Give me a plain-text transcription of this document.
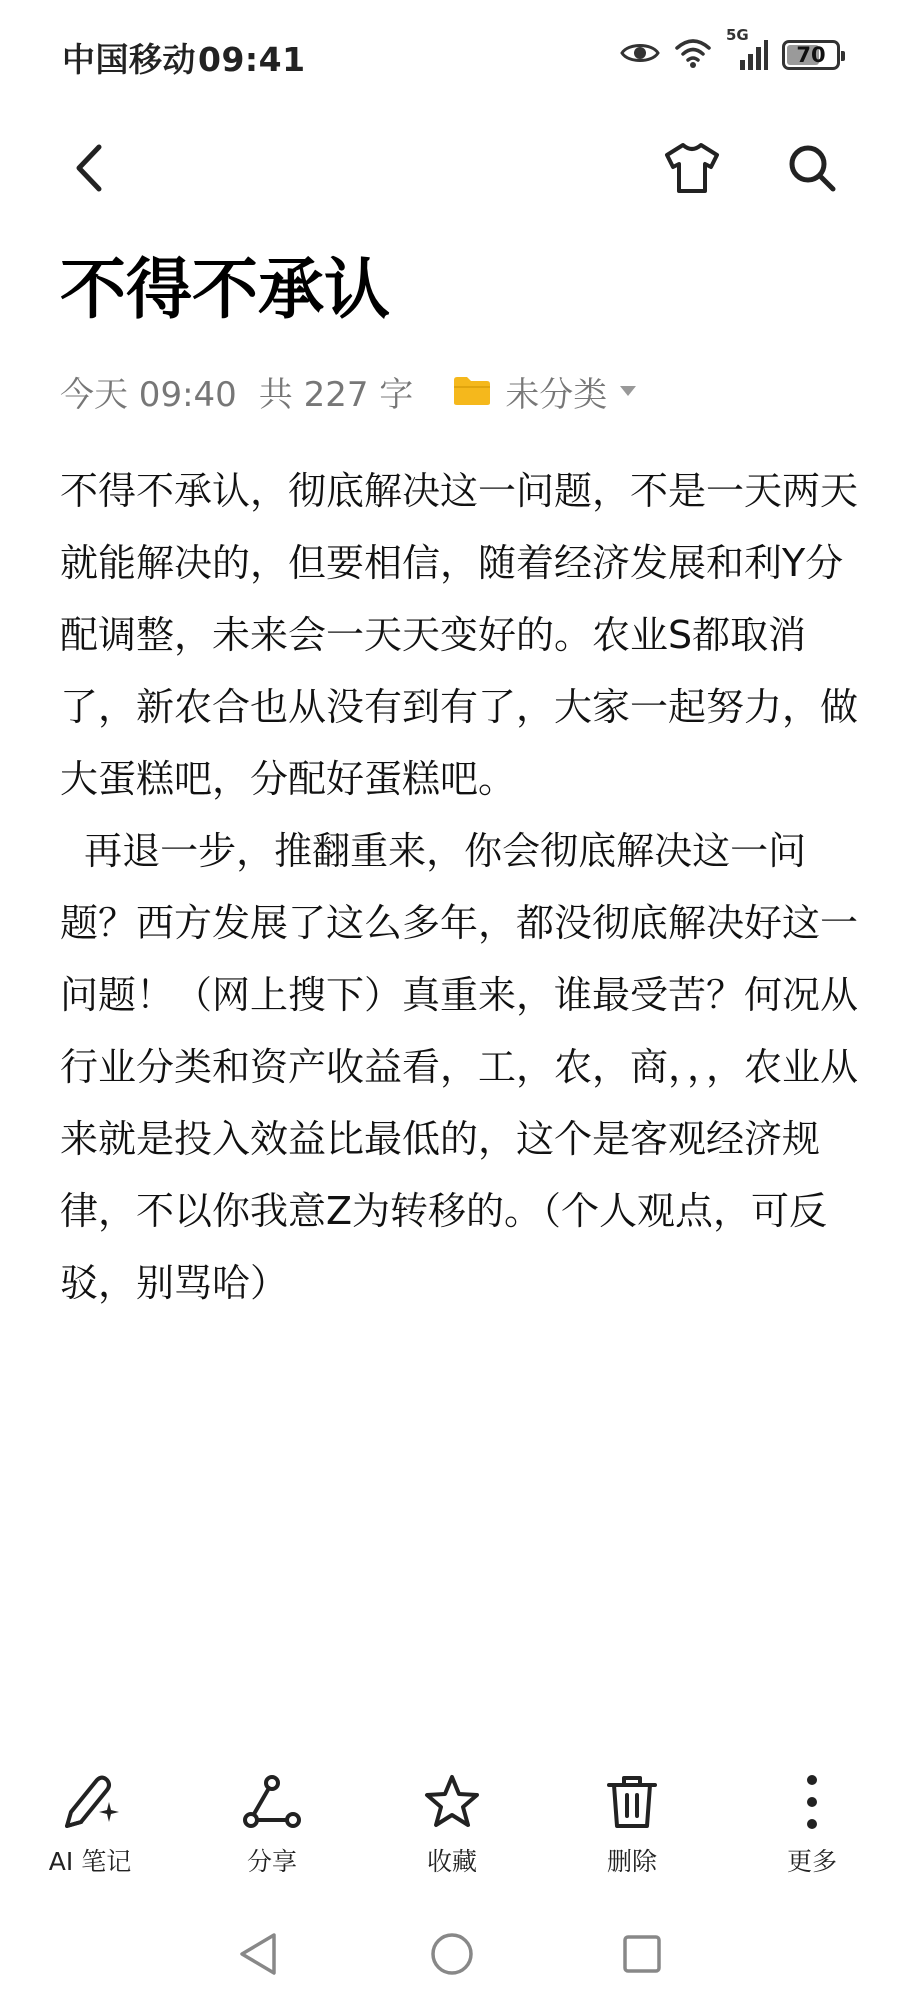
中国移动09:41
5G
70
不得不承认
今天 09:40 共 227 字	未分类
不得不承认，彻底解决这一问题，不是一天两天就能解决的，但要相信，随着经济发展和利Y分配调整，未来会一天天变好的。农业S都取消了，新农合也从没有到有了，大家一起努力，做大蛋糕吧，分配好蛋糕吧。
再退一步，推翻重来，你会彻底解决这一问题？西方发展了这么多年，都没彻底解决好这一问题！（网上搜下）真重来，谁最受苦？何况从行业分类和资产收益看，工，农，商，，，农业从来就是投入效益比最低的，这个是客观经济规律，不以你我意Z为转移的。（个人观点，可反驳，别骂哈）
AI 笔记	分享	收藏	删除	更多
